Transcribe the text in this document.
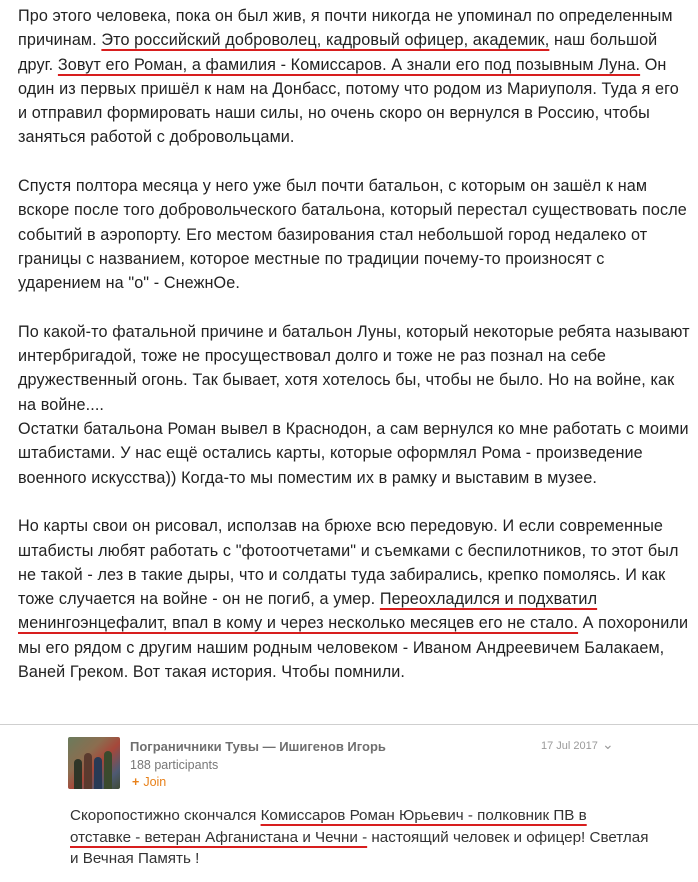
Про этого человека, пока он был жив, я почти никогда не упоминал по определенным причинам. Это российский доброволец, кадровый офицер, академик, наш большой друг. Зовут его Роман, а фамилия - Комиссаров. А знали его под позывным Луна. Он один из первых пришёл к нам на Донбасс, потому что родом из Мариуполя. Туда я его и отправил формировать наши силы, но очень скоро он вернулся в Россию, чтобы заняться работой с добровольцами.

Спустя полтора месяца у него уже был почти батальон, с которым он зашёл к нам вскоре после того добровольческого батальона, который перестал существовать после событий в аэропорту. Его местом базирования стал небольшой город недалеко от границы с названием, которое местные по традиции почему-то произносят с ударением на "о" - СнежнОе.

По какой-то фатальной причине и батальон Луны, который некоторые ребята называют интербригадой, тоже не просуществовал долго и тоже не раз познал на себе дружественный огонь. Так бывает, хотя хотелось бы, чтобы не было. Но на войне, как на войне....

Остатки батальона Роман вывел в Краснодон, а сам вернулся ко мне работать с моими штабистами. У нас ещё остались карты, которые оформлял Рома - произведение военного искусства)) Когда-то мы поместим их в рамку и выставим в музее.

Но карты свои он рисовал, исползав на брюхе всю передовую. И если современные штабисты любят работать с "фотоотчетами" и съемками с беспилотников, то этот был не такой - лез в такие дыры, что и солдаты туда забирались, крепко помолясь. И как тоже случается на войне - он не погиб, а умер. Переохладился и подхватил менингоэнцефалит, впал в кому и через несколько месяцев его не стало. А похоронили мы его рядом с другим нашим родным человеком - Иваном Андреевичем Балакаем, Ваней Греком. Вот такая история. Чтобы помнили.

Пограничники Тувы — Ишигенов Игорь	17 Jul 2017 ⌄
188 participants
+ Join

Скоропостижно скончался Комиссаров Роман Юрьевич - полковник ПВ в отставке - ветеран Афганистана и Чечни - настоящий человек и офицер! Светлая и Вечная Память !
